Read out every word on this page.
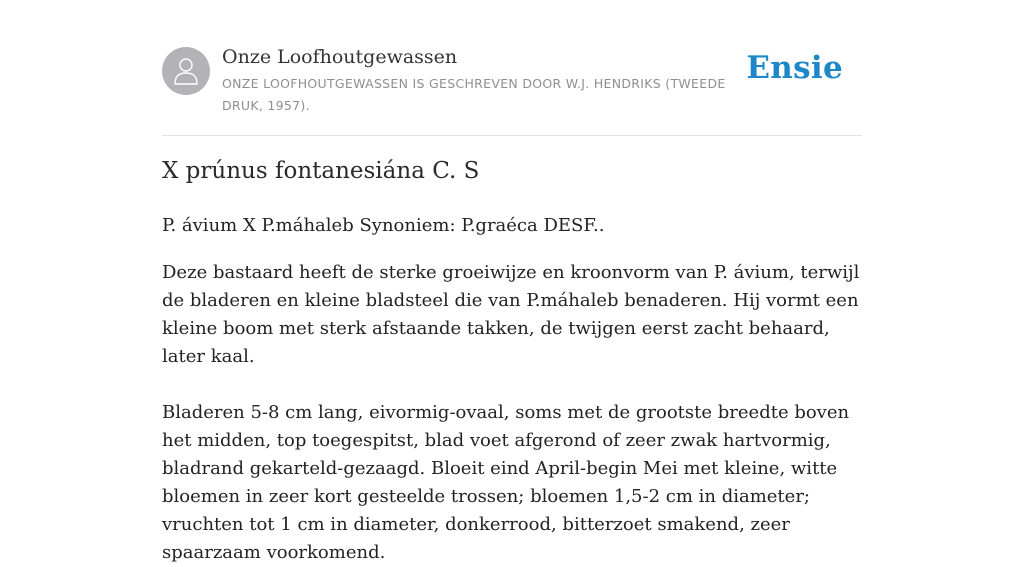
Onze Loofhoutgewassen
ONZE LOOFHOUTGEWASSEN IS GESCHREVEN DOOR W.J. HENDRIKS (TWEEDE DRUK, 1957).
Ensie
X prúnus fontanesiána C. S

P. ávium X P.máhaleb Synoniem: P.graéca DESF..

Deze bastaard heeft de sterke groeiwijze en kroonvorm van P. ávium, terwijl de bladeren en kleine bladsteel die van P.máhaleb benaderen. Hij vormt een kleine boom met sterk afstaande takken, de twijgen eerst zacht behaard, later kaal.

Bladeren 5-8 cm lang, eivormig-ovaal, soms met de grootste breedte boven het midden, top toegespitst, blad voet afgerond of zeer zwak hartvormig, bladrand gekarteld-gezaagd. Bloeit eind April-begin Mei met kleine, witte bloemen in zeer kort gesteelde trossen; bloemen 1,5-2 cm in diameter; vruchten tot 1 cm in diameter, donkerrood, bitterzoet smakend, zeer spaarzaam voorkomend.
